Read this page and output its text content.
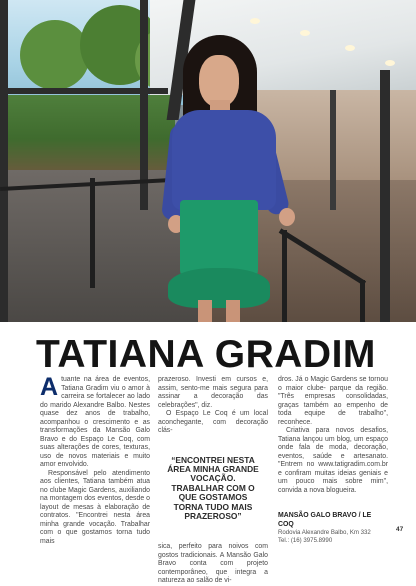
TATIANA GRADIM

Atuante na área de eventos, Tatiana Gradim viu o amor à carreira se fortalecer ao lado do marido Alexandre Balbo. Nestes quase dez anos de trabalho, acompanhou o crescimento e as transformações da Mansão Galo Bravo e do Espaço Le Coq, com suas alterações de cores, texturas, uso de novos materiais e muito amor envolvido.

Responsável pelo atendimento aos clientes, Tatiana também atua no clube Magic Gardens, auxiliando na montagem dos eventos, desde o layout de mesas à elaboração de contratos. "Encontrei nesta área minha grande vocação. Trabalhar com o que gostamos torna tudo mais

prazeroso. Investi em cursos e, assim, sento-me mais segura para assinar a decoração das celebrações", diz.

O Espaço Le Coq é um local aconchegante, com decoração clás-

“ENCONTREI NESTA ÁREA MINHA GRANDE VOCAÇÃO. TRABALHAR COM O QUE GOSTAMOS TORNA TUDO MAIS PRAZEROSO”

sica, perfeito para noivos com gostos tradicionais. A Mansão Galo Bravo conta com projeto contemporâneo, que integra a natureza ao salão de vi-

dros. Já o Magic Gardens se tornou o maior clube- parque da região. "Três empresas consolidadas, graças também ao empenho de toda equipe de trabalho", reconhece.

Criativa para novos desafios, Tatiana lançou um blog, um espaço onde fala de moda, decoração, eventos, saúde e artesanato. "Entrem no www.tatigradim.com.br e confiram muitas ideias geniais e um pouco mais sobre mim", convida a nova blogueira.

MANSÃO GALO BRAVO / LE COQ

Rodovia Alexandre Balbo, Km 332

Tel.: (16) 3975.8990

47
